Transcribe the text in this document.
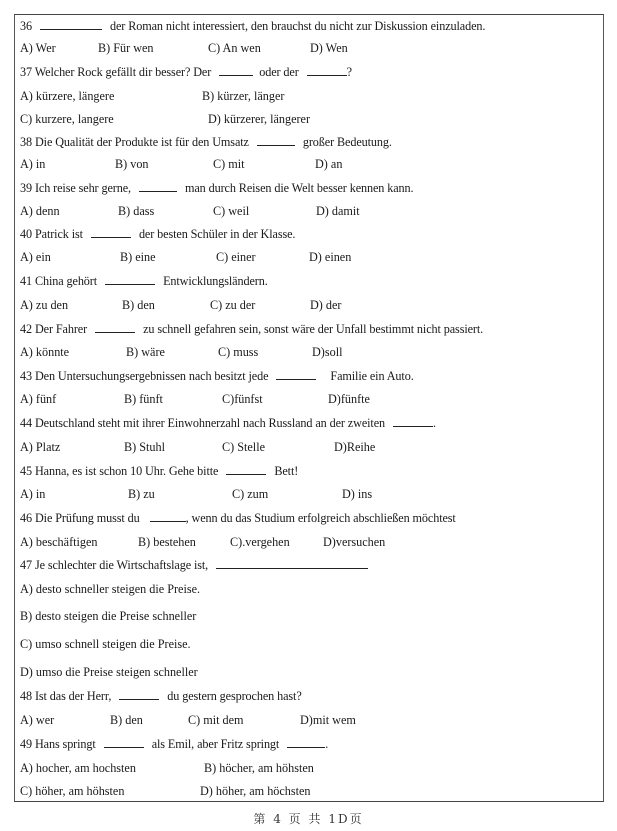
36	der Roman nicht interessiert, den brauchst du nicht zur Diskussion einzuladen.
A) Wer	B) Für wen	C) An wen	D) Wen
37 Welcher Rock gefällt dir besser? Der	oder der	?
A) kürzere, längere	B) kürzer, länger
C) kurzere, langere	D) kürzerer, längerer
38 Die Qualität der Produkte ist für den Umsatz	großer Bedeutung.
A) in	B) von	C) mit	D) an
39 Ich reise sehr gerne,	man durch Reisen die Welt besser kennen kann.
A) denn	B) dass	C) weil	D) damit
40 Patrick ist	der besten Schüler in der Klasse.
A) ein	B) eine	C) einer	D) einen
41 China gehört	Entwicklungsländern.
A) zu den	B) den	C) zu der	D) der
42 Der Fahrer	zu schnell gefahren sein, sonst wäre der Unfall bestimmt nicht passiert.
A) könnte	B) wäre	C) muss	D)soll
43 Den Untersuchungsergebnissen nach besitzt jede	Familie ein Auto.
A) fünf	B) fünft	C)fünfst	D)fünfte
44 Deutschland steht mit ihrer Einwohnerzahl nach Russland an der zweiten	.
A) Platz	B) Stuhl	C) Stelle	D)Reihe
45 Hanna, es ist schon 10 Uhr. Gehe bitte	Bett!
A) in	B) zu	C) zum	D) ins
46 Die Prüfung musst du	, wenn du das Studium erfolgreich abschließen möchtest
A) beschäftigen	B) bestehen	C).vergehen	D)versuchen
47 Je schlechter die Wirtschaftslage ist,
A) desto schneller steigen die Preise.
B) desto steigen die Preise schneller
C) umso schnell steigen die Preise.
D) umso die Preise steigen schneller
48 Ist das der Herr,	du gestern gesprochen hast?
A) wer	B) den	C) mit dem	D)mit wem
49 Hans springt	als Emil, aber Fritz springt	.
A) hocher, am hochsten	B) höcher, am höhsten
C) höher, am höhsten	D) höher, am höchsten
第 4 页 共 1D页
